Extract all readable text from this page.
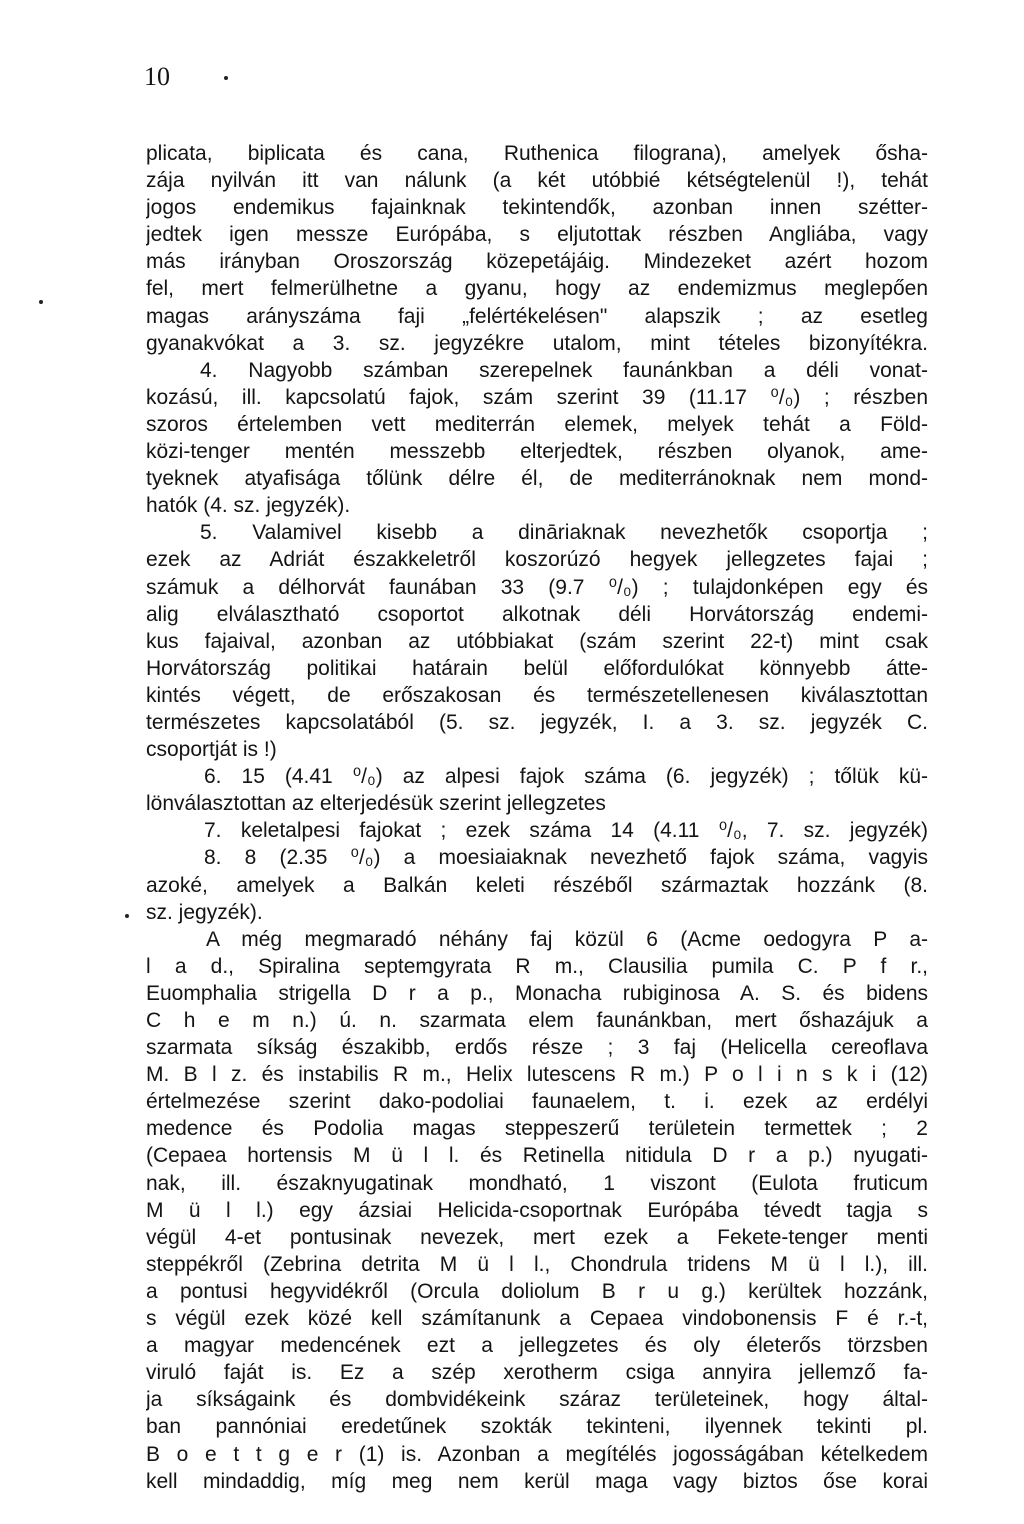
10
plicata, biplicata és cana, Ruthenica filograna), amelyek ősha-
zája nyilván itt van nálunk (a két utóbbié kétségtelenül !), tehát
jogos endemikus fajainknak tekintendők, azonban innen szétter-
jedtek igen messze Európába, s eljutottak részben Angliába, vagy
más irányban Oroszország közepetájáig. Mindezeket azért hozom
fel, mert felmerülhetne a gyanu, hogy az endemizmus meglepően
magas arányszáma faji „felértékelésen" alapszik ; az esetleg
gyanakvókat a 3. sz. jegyzékre utalom, mint tételes bizonyítékra.
4. Nagyobb számban szerepelnek faunánkban a déli vonat-
kozású, ill. kapcsolatú fajok, szám szerint 39 (11.17 ⁰/₀) ; részben
szoros értelemben vett mediterrán elemek, melyek tehát a Föld-
közi-tenger mentén messzebb elterjedtek, részben olyanok, ame-
tyeknek atyafisága tőlünk délre él, de mediterránoknak nem mond-
hatók (4. sz. jegyzék).
5. Valamivel kisebb a dināriaknak nevezhetők csoportja ;
ezek az Adriát északkeletről koszorúzó hegyek jellegzetes fajai ;
számuk a délhorvát faunában 33 (9.7 ⁰/₀) ; tulajdonképen egy és
alig elválasztható csoportot alkotnak déli Horvátország endemi-
kus fajaival, azonban az utóbbiakat (szám szerint 22-t) mint csak
Horvátország politikai határain belül előfordulókat könnyebb átte-
kintés végett, de erőszakosan és természetellenesen kiválasztottan
természetes kapcsolatából (5. sz. jegyzék, I. a 3. sz. jegyzék C.
csoportját is !)
6. 15 (4.41 ⁰/₀) az alpesi fajok száma (6. jegyzék) ; tőlük kü-
lönválasztottan az elterjedésük szerint jellegzetes
7. keletalpesi fajokat ; ezek száma 14 (4.11 ⁰/₀, 7. sz. jegyzék)
8. 8 (2.35 ⁰/₀) a moesiaiaknak nevezhető fajok száma, vagyis
azoké, amelyek a Balkán keleti részéből származtak hozzánk (8.
sz. jegyzék).
A még megmaradó néhány faj közül 6 (Acme oedogyra P a-
l a d., Spiralina septemgyrata R m., Clausilia pumila C. P f r.,
Euomphalia strigella D r a p., Monacha rubiginosa A. S. és bidens
C h e m n.) ú. n. szarmata elem faunánkban, mert őshazájuk a
szarmata síkság északibb, erdős része ; 3 faj (Helicella cereoflava
M. B l z. és instabilis R m., Helix lutescens R m.) P o l i n s k i (12)
értelmezése szerint dako-podoliai faunaelem, t. i. ezek az erdélyi
medence és Podolia magas steppeszerű területein termettek ; 2
(Cepaea hortensis M ü l l. és Retinella nitidula D r a p.) nyugati-
nak, ill. északnyugatinak mondható, 1 viszont (Eulota fruticum
M ü l l.) egy ázsiai Helicida-csoportnak Európába tévedt tagja s
végül 4-et pontusinak nevezek, mert ezek a Fekete-tenger menti
steppékről (Zebrina detrita M ü l l., Chondrula tridens M ü l l.), ill.
a pontusi hegyvidékről (Orcula doliolum B r u g.) kerültek hozzánk,
s végül ezek közé kell számítanunk a Cepaea vindobonensis F é r.-t,
a magyar medencének ezt a jellegzetes és oly életerős törzsben
viruló faját is. Ez a szép xerotherm csiga annyira jellemző fa-
ja síkságaink és dombvidékeink száraz területeinek, hogy által-
ban pannóniai eredetűnek szokták tekinteni, ilyennek tekinti pl.
B o e t t g e r (1) is. Azonban a megítélés jogosságában kételkedem
kell mindaddig, míg meg nem kerül maga vagy biztos őse korai
